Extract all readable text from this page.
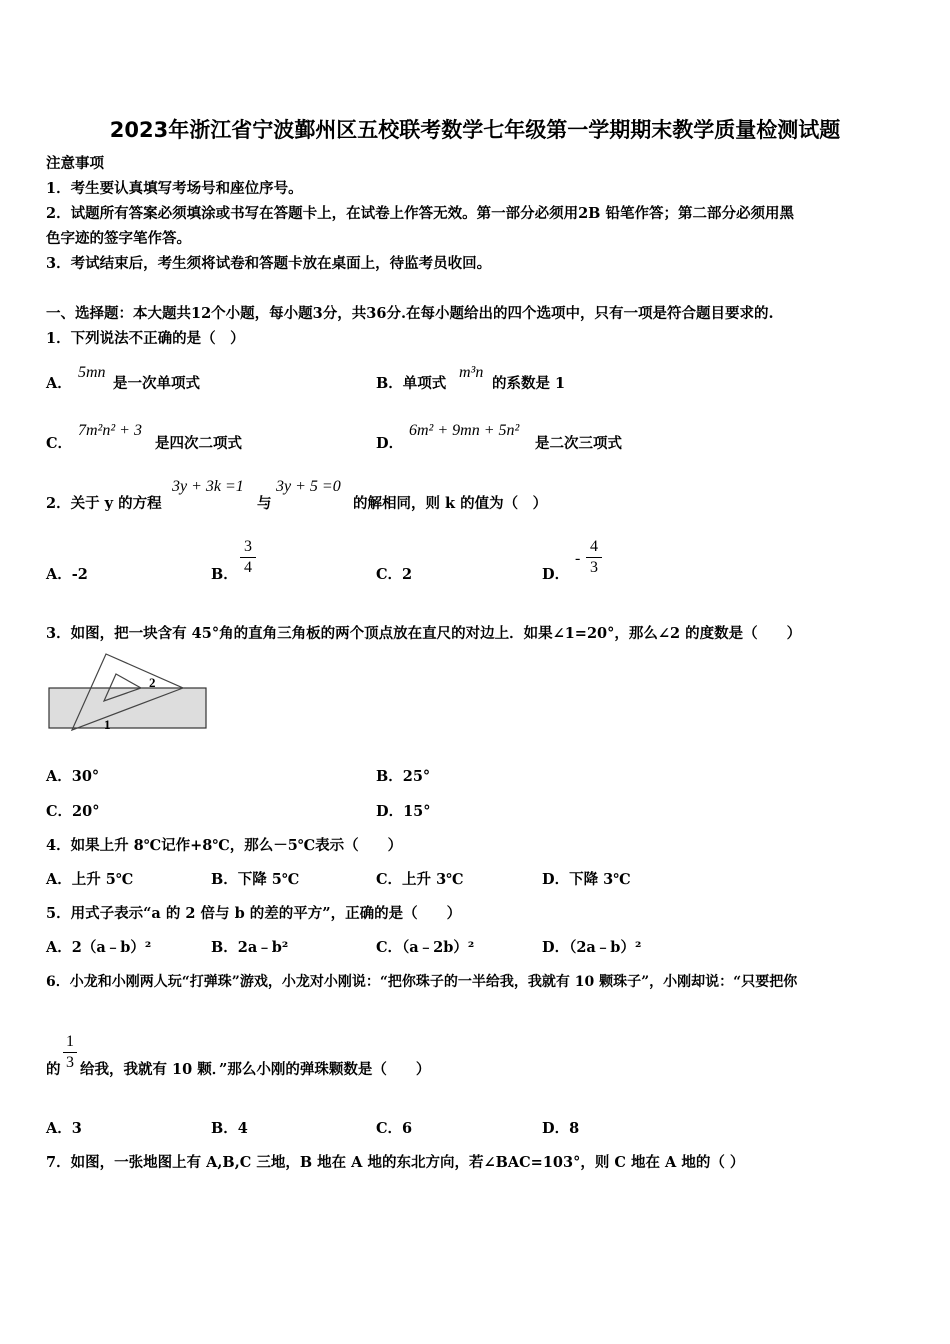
2023年浙江省宁波鄞州区五校联考数学七年级第一学期期末教学质量检测试题
注意事项
1．考生要认真填写考场号和座位序号。
2．试题所有答案必须填涂或书写在答题卡上，在试卷上作答无效。第一部分必须用2B 铅笔作答；第二部分必须用黑
色字迹的签字笔作答。
3．考试结束后，考生须将试卷和答题卡放在桌面上，待监考员收回。
一、选择题：本大题共12个小题，每小题3分，共36分.在每小题给出的四个选项中，只有一项是符合题目要求的.
1．下列说法不正确的是（　）
A．
5mn
是一次单项式	B．单项式
m³n
的系数是 1
C．
7m²n² + 3
是四次二项式	D．
6m² + 9mn + 5n²
是二次三项式
2．关于 y 的方程
3y + 3k =1
与
3y + 5 =0
的解相同，则 k 的值为（　）
A．-2	B．
3
4	C．2	D．
-
4
3
3．如图，把一块含有 45°角的直角三角板的两个顶点放在直尺的对边上．如果∠1=20°，那么∠2 的度数是（　　）
2
1
A．30°	B．25°
C．20°	D．15°
4．如果上升 8℃记作+8℃，那么－5℃表示（　　）
A．上升 5℃	B．下降 5℃	C．上升 3℃	D．下降 3℃
5．用式子表示“a 的 2 倍与 b 的差的平方”，正确的是（　　）
A．2（a﹣b）²	B．2a﹣b²	C．（a﹣2b）²	D．（2a﹣b）²
6．小龙和小刚两人玩“打弹珠”游戏，小龙对小刚说：“把你珠子的一半给我，我就有 10 颗珠子”，小刚却说：“只要把你
的
1
3 给我，我就有 10 颗．”那么小刚的弹珠颗数是（　　）
A．3	B．4	C．6	D．8
7．如图，一张地图上有 A,B,C 三地，B 地在 A 地的东北方向，若∠BAC=103°，则 C 地在 A 地的（ ）
